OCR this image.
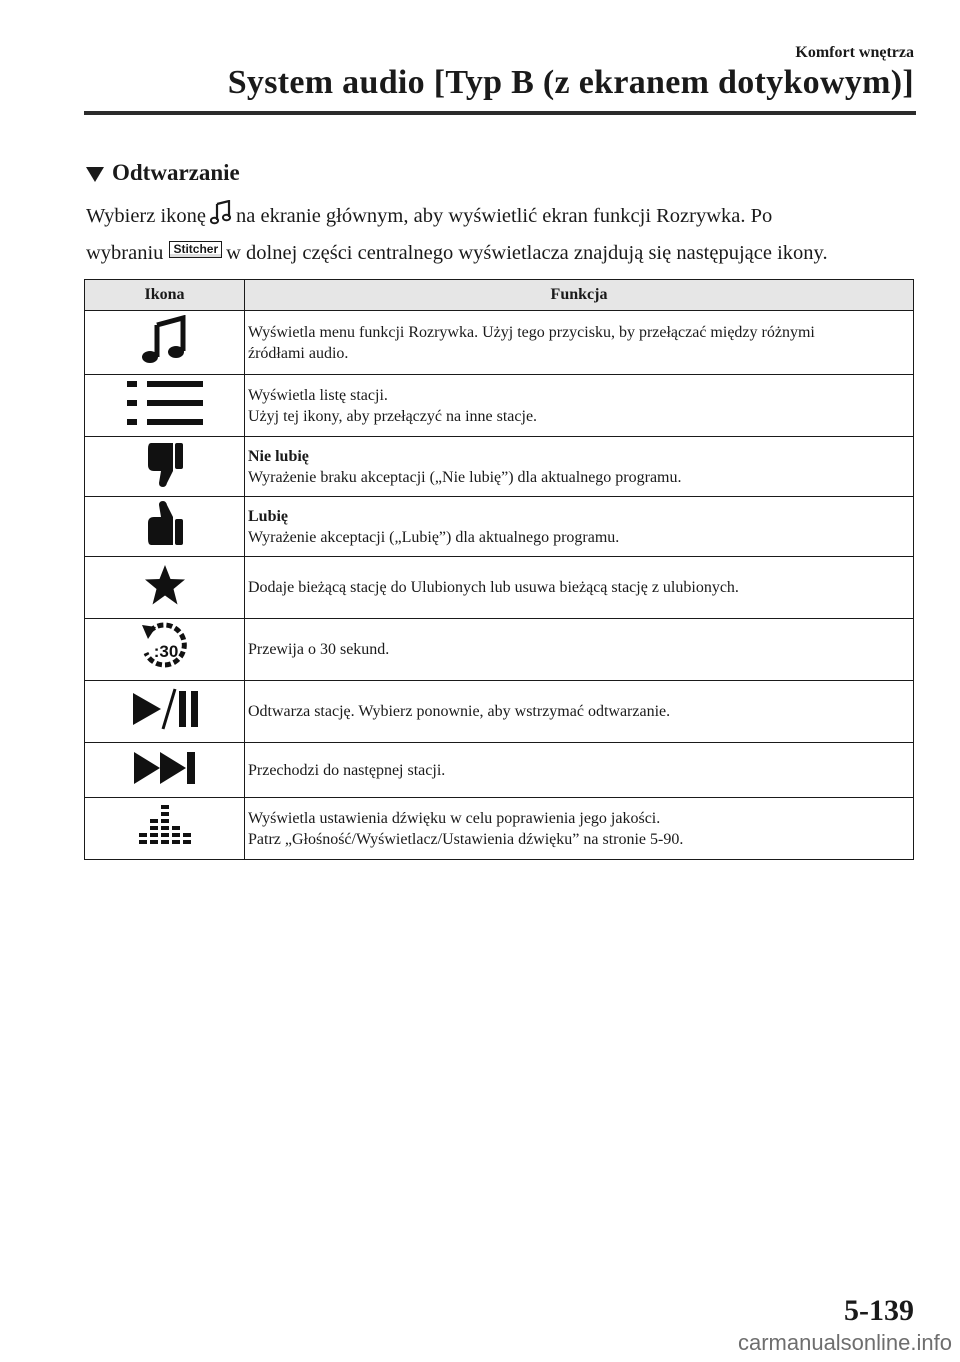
Komfort wnętrza
System audio [Typ B (z ekranem dotykowym)]
Odtwarzanie
Wybierz ikonę na ekranie głównym, aby wyświetlić ekran funkcji Rozrywka. Po
wybraniu Stitcher w dolnej części centralnego wyświetlacza znajdują się następujące ikony.
Ikona	Funkcja

Wyświetla menu funkcji Rozrywka. Użyj tego przycisku, by przełączać między różnymi
źródłami audio.

Wyświetla listę stacji.
Użyj tej ikony, aby przełączyć na inne stacje.

Nie lubię
Wyrażenie braku akceptacji („Nie lubię”) dla aktualnego programu.

Lubię
Wyrażenie akceptacji („Lubię”) dla aktualnego programu.

Dodaje bieżącą stację do Ulubionych lub usuwa bieżącą stację z ulubionych.

:30	Przewija o 30 sekund.

Odtwarza stację. Wybierz ponownie, aby wstrzymać odtwarzanie.

Przechodzi do następnej stacji.

Wyświetla ustawienia dźwięku w celu poprawienia jego jakości.
Patrz „Głośność/Wyświetlacz/Ustawienia dźwięku” na stronie 5-90.
5-139
carmanualsonline.info
